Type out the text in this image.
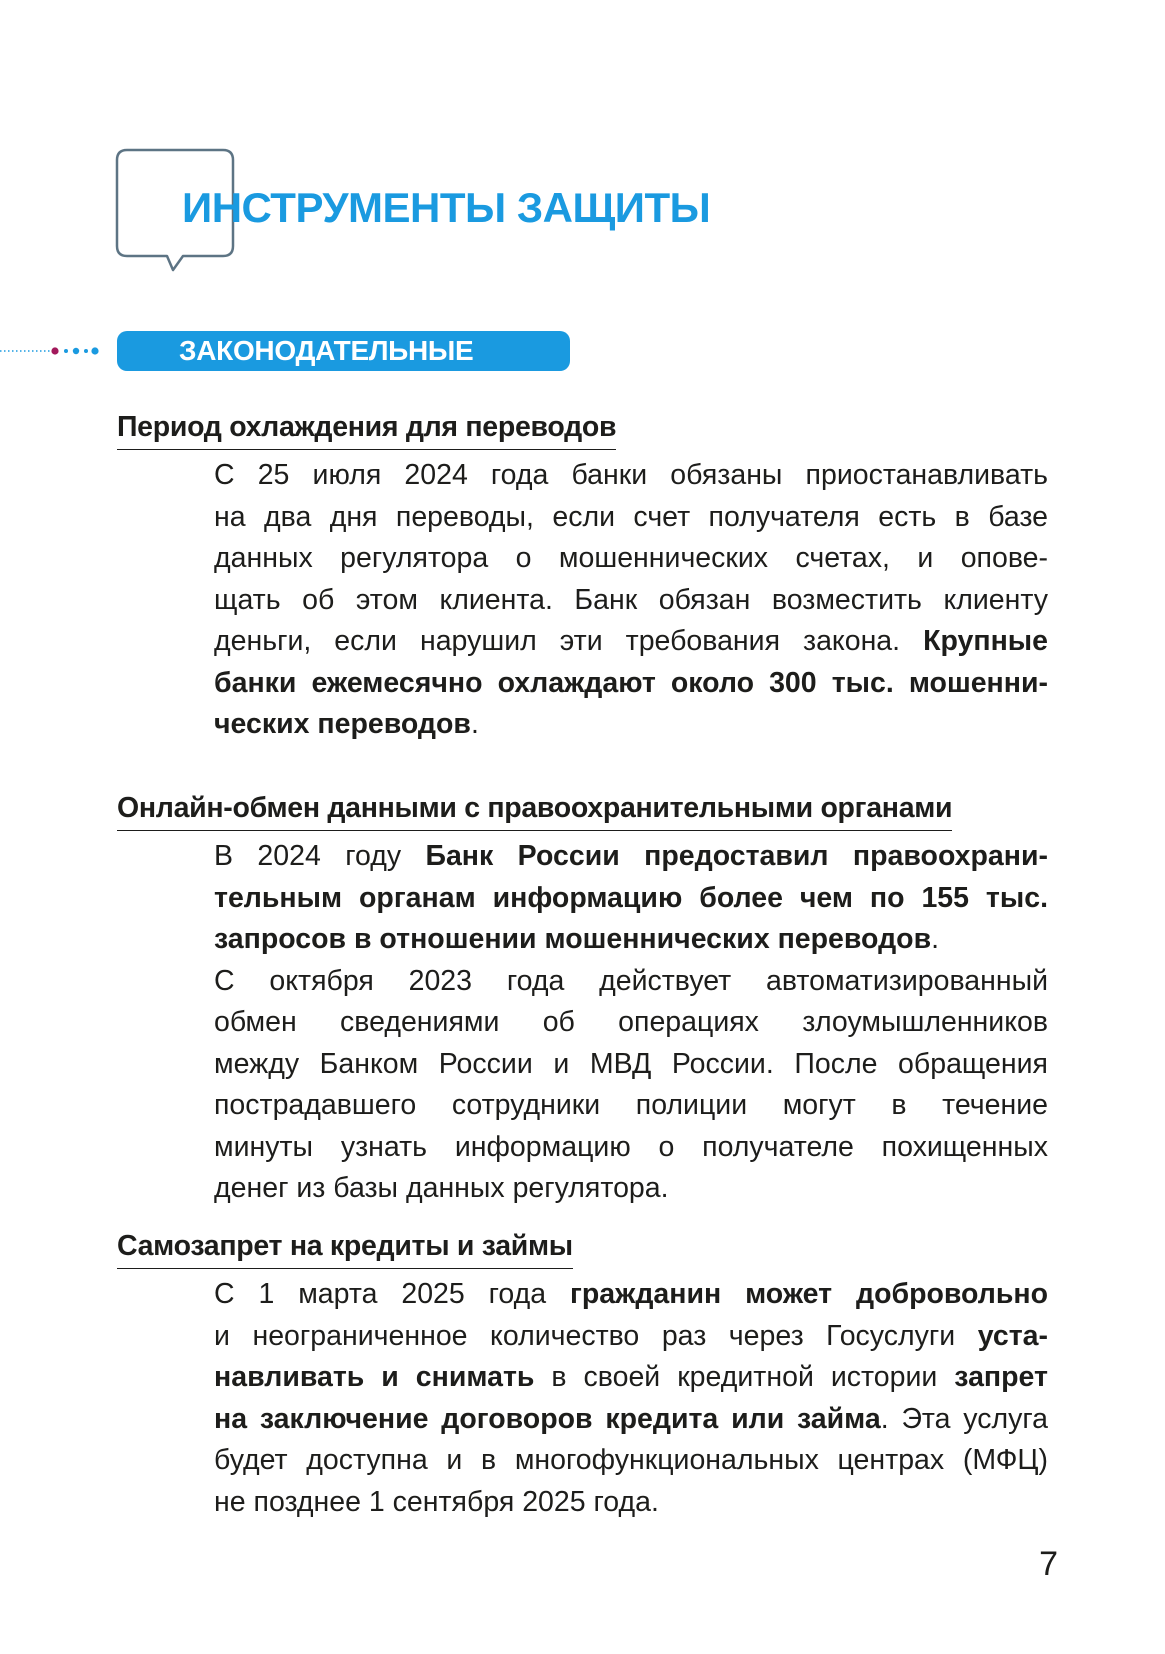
ИНСТРУМЕНТЫ ЗАЩИТЫ
ЗАКОНОДАТЕЛЬНЫЕ
Период охлаждения для переводов
С 25 июля 2024 года банки обязаны приостанавливать
на два дня переводы, если счет получателя есть в базе
данных регулятора о мошеннических счетах, и опове-
щать об этом клиента. Банк обязан возместить клиенту
деньги, если нарушил эти требования закона. Крупные
банки ежемесячно охлаждают около 300 тыс. мошенни-
ческих переводов.
Онлайн-обмен данными с правоохранительными органами
В 2024 году Банк России предоставил правоохрани-
тельным органам информацию более чем по 155 тыс.
запросов в отношении мошеннических переводов.
С октября 2023 года действует автоматизированный
обмен сведениями об операциях злоумышленников
между Банком России и МВД России. После обращения
пострадавшего сотрудники полиции могут в течение
минуты узнать информацию о получателе похищенных
денег из базы данных регулятора.
Самозапрет на кредиты и займы
С 1 марта 2025 года гражданин может добровольно
и неограниченное количество раз через Госуслуги уста-
навливать и снимать в своей кредитной истории запрет
на заключение договоров кредита или займа. Эта услуга
будет доступна и в многофункциональных центрах (МФЦ)
не позднее 1 сентября 2025 года.
7
